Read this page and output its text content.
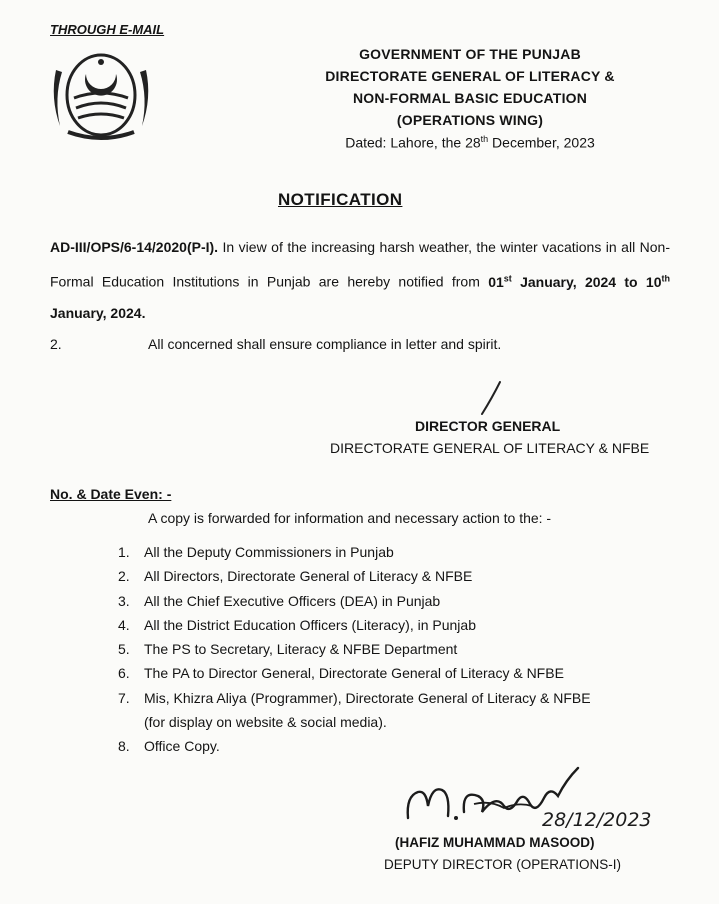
THROUGH E-MAIL
GOVERNMENT OF THE PUNJAB
DIRECTORATE GENERAL OF LITERACY &
NON-FORMAL BASIC EDUCATION
(OPERATIONS WING)
Dated: Lahore, the 28th December, 2023
NOTIFICATION
AD-III/OPS/6-14/2020(P-I). In view of the increasing harsh weather, the winter vacations in all Non-Formal Education Institutions in Punjab are hereby notified from 01st January, 2024 to 10th January, 2024.
2.	All concerned shall ensure compliance in letter and spirit.
DIRECTOR GENERAL
DIRECTORATE GENERAL OF LITERACY & NFBE
No. & Date Even: -
A copy is forwarded for information and necessary action to the: -
1. All the Deputy Commissioners in Punjab
2. All Directors, Directorate General of Literacy & NFBE
3. All the Chief Executive Officers (DEA) in Punjab
4. All the District Education Officers (Literacy), in Punjab
5. The PS to Secretary, Literacy & NFBE Department
6. The PA to Director General, Directorate General of Literacy & NFBE
7. Mis, Khizra Aliya (Programmer), Directorate General of Literacy & NFBE
(for display on website & social media).
8. Office Copy.
28/12/2023
(HAFIZ MUHAMMAD MASOOD)
DEPUTY DIRECTOR (OPERATIONS-I)
